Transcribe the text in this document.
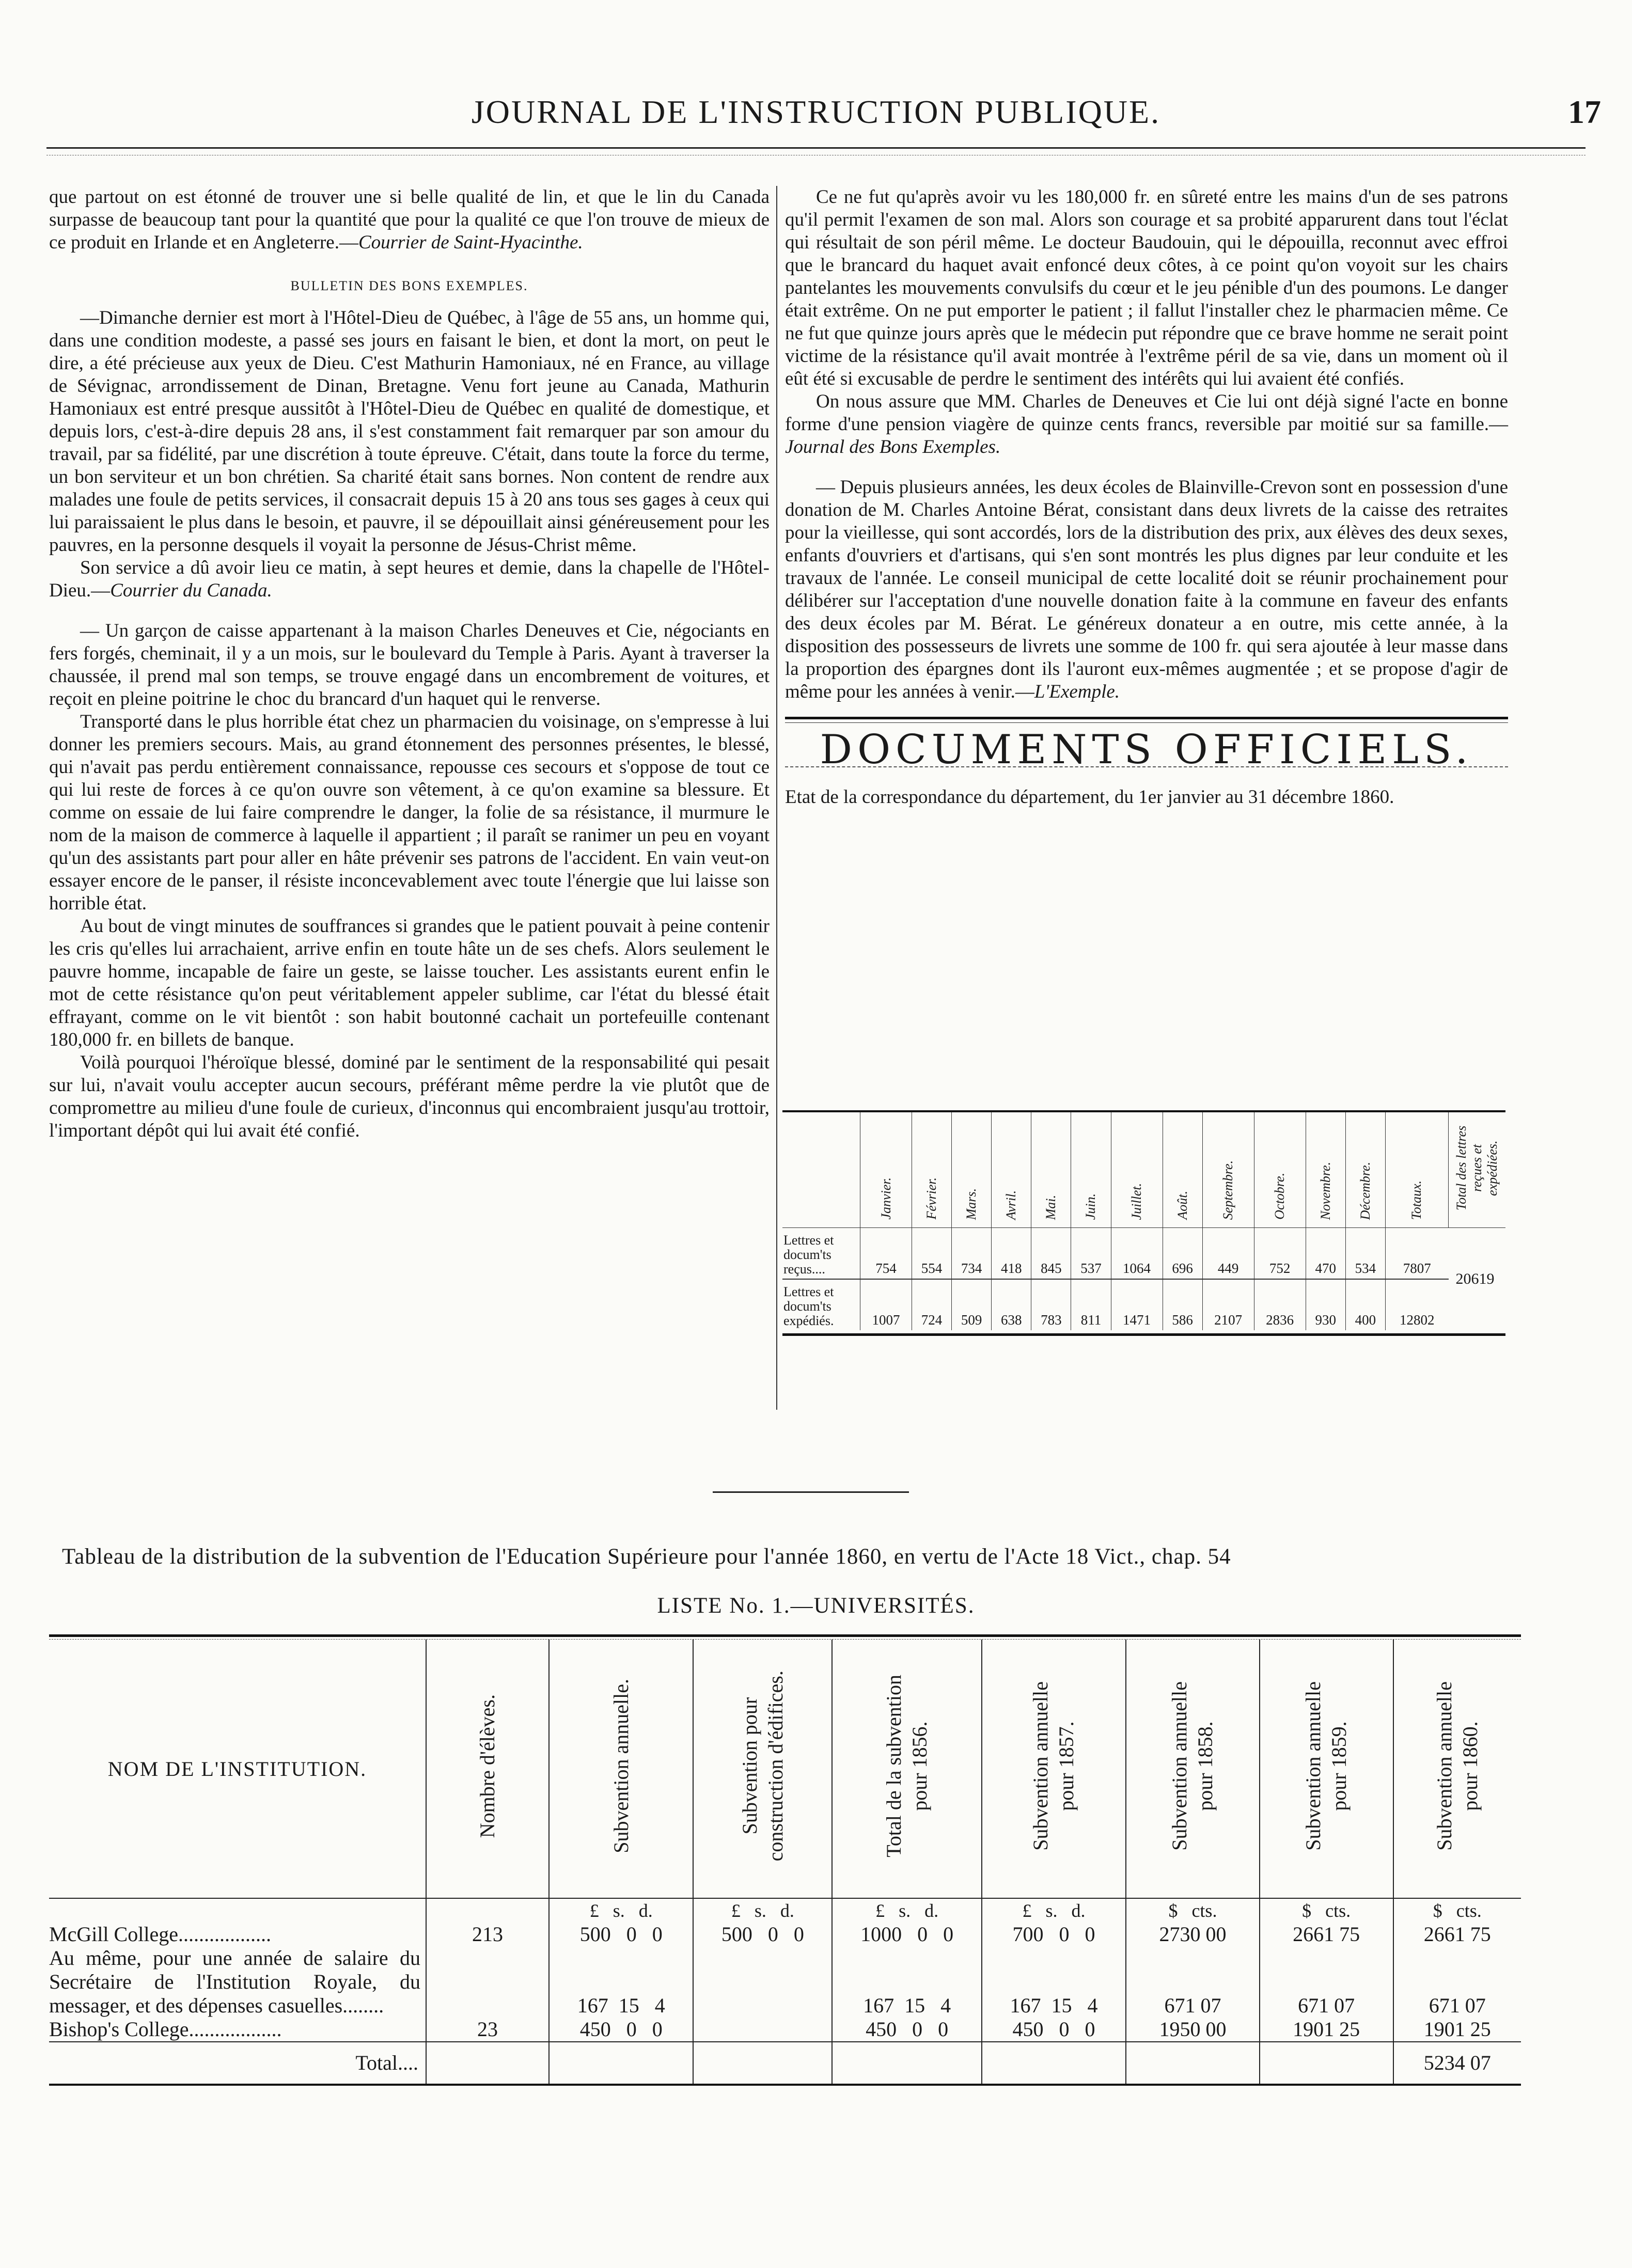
JOURNAL DE L'INSTRUCTION PUBLIQUE.	17

que partout on est étonné de trouver une si belle qualité de lin, et que le lin du Canada surpasse de beaucoup tant pour la quantité que pour la qualité ce que l'on trouve de mieux de ce produit en Irlande et en Angleterre.—Courrier de Saint-Hyacinthe.

BULLETIN DES BONS EXEMPLES.

—Dimanche dernier est mort à l'Hôtel-Dieu de Québec, à l'âge de 55 ans, un homme qui, dans une condition modeste, a passé ses jours en faisant le bien, et dont la mort, on peut le dire, a été précieuse aux yeux de Dieu. C'est Mathurin Hamoniaux, né en France, au village de Sévignac, arrondissement de Dinan, Bretagne. Venu fort jeune au Canada, Mathurin Hamoniaux est entré presque aussitôt à l'Hôtel-Dieu de Québec en qualité de domestique, et depuis lors, c'est-à-dire depuis 28 ans, il s'est constamment fait remarquer par son amour du travail, par sa fidélité, par une discrétion à toute épreuve. C'était, dans toute la force du terme, un bon serviteur et un bon chrétien. Sa charité était sans bornes. Non content de rendre aux malades une foule de petits services, il consacrait depuis 15 à 20 ans tous ses gages à ceux qui lui paraissaient le plus dans le besoin, et pauvre, il se dépouillait ainsi généreusement pour les pauvres, en la personne desquels il voyait la personne de Jésus-Christ même.

Son service a dû avoir lieu ce matin, à sept heures et demie, dans la chapelle de l'Hôtel-Dieu.—Courrier du Canada.

— Un garçon de caisse appartenant à la maison Charles Deneuves et Cie, négociants en fers forgés, cheminait, il y a un mois, sur le boulevard du Temple à Paris. Ayant à traverser la chaussée, il prend mal son temps, se trouve engagé dans un encombrement de voitures, et reçoit en pleine poitrine le choc du brancard d'un haquet qui le renverse.

Transporté dans le plus horrible état chez un pharmacien du voisinage, on s'empresse à lui donner les premiers secours. Mais, au grand étonnement des personnes présentes, le blessé, qui n'avait pas perdu entièrement connaissance, repousse ces secours et s'oppose de tout ce qui lui reste de forces à ce qu'on ouvre son vêtement, à ce qu'on examine sa blessure. Et comme on essaie de lui faire comprendre le danger, la folie de sa résistance, il murmure le nom de la maison de commerce à laquelle il appartient ; il paraît se ranimer un peu en voyant qu'un des assistants part pour aller en hâte prévenir ses patrons de l'accident. En vain veut-on essayer encore de le panser, il résiste inconcevablement avec toute l'énergie que lui laisse son horrible état.

Au bout de vingt minutes de souffrances si grandes que le patient pouvait à peine contenir les cris qu'elles lui arrachaient, arrive enfin en toute hâte un de ses chefs. Alors seulement le pauvre homme, incapable de faire un geste, se laisse toucher. Les assistants eurent enfin le mot de cette résistance qu'on peut véritablement appeler sublime, car l'état du blessé était effrayant, comme on le vit bientôt : son habit boutonné cachait un portefeuille contenant 180,000 fr. en billets de banque.

Voilà pourquoi l'héroïque blessé, dominé par le sentiment de la responsabilité qui pesait sur lui, n'avait voulu accepter aucun secours, préférant même perdre la vie plutôt que de compromettre au milieu d'une foule de curieux, d'inconnus qui encombraient jusqu'au trottoir, l'important dépôt qui lui avait été confié.

Ce ne fut qu'après avoir vu les 180,000 fr. en sûreté entre les mains d'un de ses patrons qu'il permit l'examen de son mal. Alors son courage et sa probité apparurent dans tout l'éclat qui résultait de son péril même. Le docteur Baudouin, qui le dépouilla, reconnut avec effroi que le brancard du haquet avait enfoncé deux côtes, à ce point qu'on voyoit sur les chairs pantelantes les mouvements convulsifs du cœur et le jeu pénible d'un des poumons. Le danger était extrême. On ne put emporter le patient ; il fallut l'installer chez le pharmacien même. Ce ne fut que quinze jours après que le médecin put répondre que ce brave homme ne serait point victime de la résistance qu'il avait montrée à l'extrême péril de sa vie, dans un moment où il eût été si excusable de perdre le sentiment des intérêts qui lui avaient été confiés.

On nous assure que MM. Charles de Deneuves et Cie lui ont déjà signé l'acte en bonne forme d'une pension viagère de quinze cents francs, reversible par moitié sur sa famille.—Journal des Bons Exemples.

— Depuis plusieurs années, les deux écoles de Blainville-Crevon sont en possession d'une donation de M. Charles Antoine Bérat, consistant dans deux livrets de la caisse des retraites pour la vieillesse, qui sont accordés, lors de la distribution des prix, aux élèves des deux sexes, enfants d'ouvriers et d'artisans, qui s'en sont montrés les plus dignes par leur conduite et les travaux de l'année. Le conseil municipal de cette localité doit se réunir prochainement pour délibérer sur l'acceptation d'une nouvelle donation faite à la commune en faveur des enfants des deux écoles par M. Bérat. Le généreux donateur a en outre, mis cette année, à la disposition des possesseurs de livrets une somme de 100 fr. qui sera ajoutée à leur masse dans la proportion des épargnes dont ils l'auront eux-mêmes augmentée ; et se propose d'agir de même pour les années à venir.—L'Exemple.

DOCUMENTS OFFICIELS.

Etat de la correspondance du département, du 1er janvier au 31 décembre 1860.

	Janvier.	Février.	Mars.	Avril.	Mai.	Juin.	Juillet.	Août.	Septembre.	Octobre.	Novembre.	Décembre.	Totaux.	Total des lettres reçues et expédiées.
Lettres et docum'ts reçus....	754	554	734	418	845	537	1064	696	449	752	470	534	7807	20619
Lettres et docum'ts expédiés.	1007	724	509	638	783	811	1471	586	2107	2836	930	400	12802	
Tableau de la distribution de la subvention de l'Education Supérieure pour l'année 1860, en vertu de l'Acte 18 Vict., chap. 54
LISTE No. 1.—UNIVERSITÉS.
NOM DE L'INSTITUTION.	Nombre d'élèves.	Subvention annuelle.	Subvention pour construction d'édifices.	Total de la subvention pour 1856.	Subvention annuelle pour 1857.	Subvention annuelle pour 1858.	Subvention annuelle pour 1859.	Subvention annuelle pour 1860.
		£   s.   d.	£   s.   d.	£   s.   d.	£   s.   d.	$   cts.	$   cts.	$   cts.
McGill College..................	213	500   0   0	500   0   0	1000   0   0	700   0   0	2730 00	2661 75	2661 75
Au même, pour une année de salaire du Secrétaire de l'Institution Royale, du messager, et des dépenses casuelles........		167  15   4		167  15   4	167  15   4	671 07	671 07	671 07
Bishop's College..................	23	450   0   0		450   0   0	450   0   0	1950 00	1901 25	1901 25
Total....								5234 07
